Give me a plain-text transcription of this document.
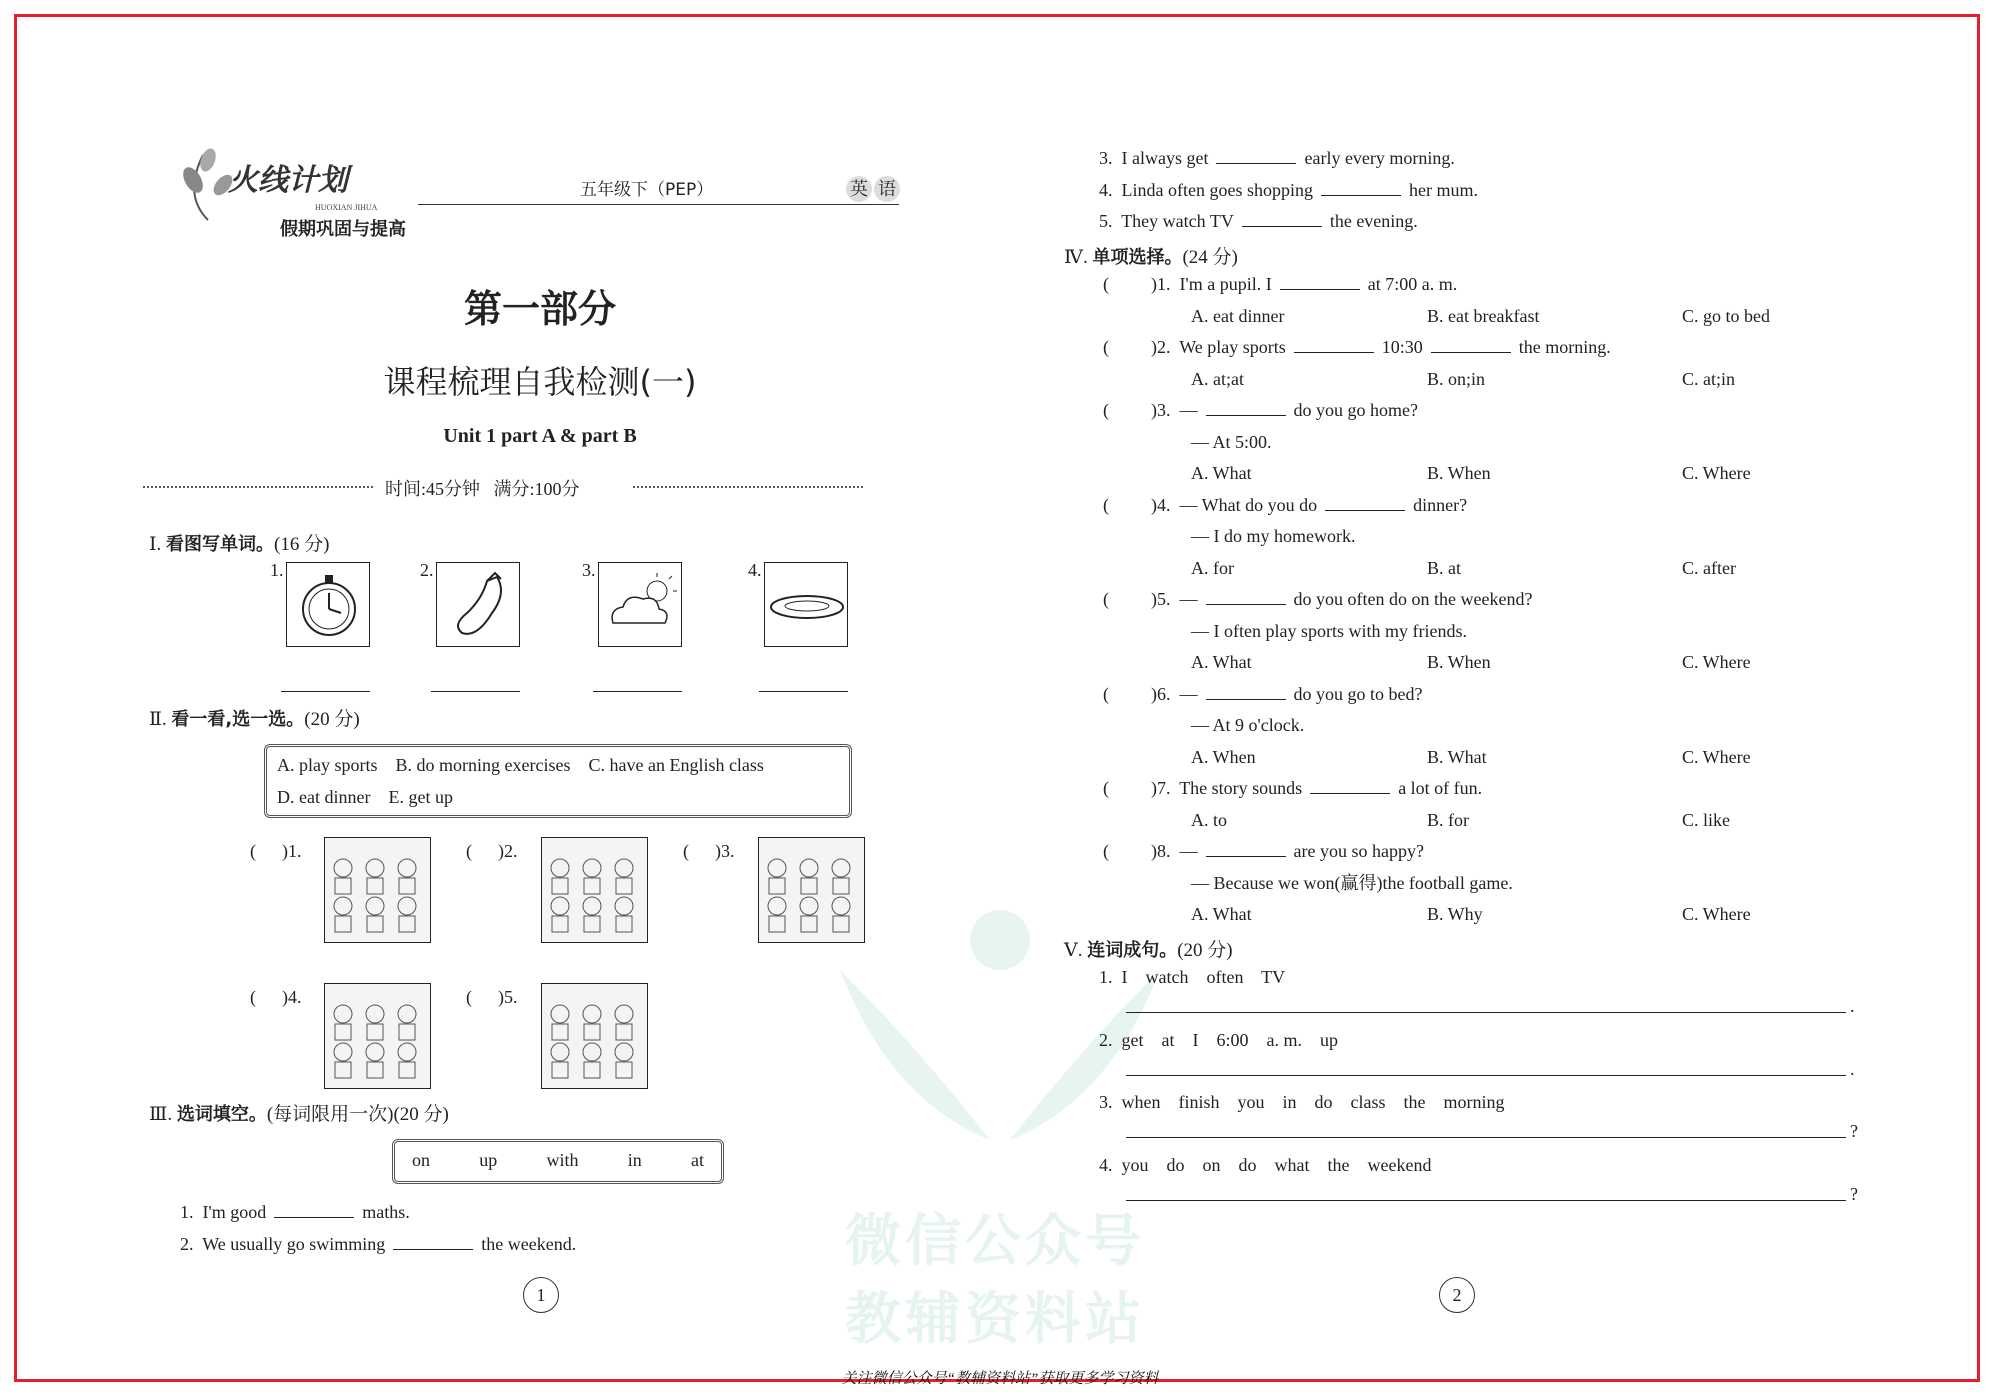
微信公众号
教辅资料站
火线计划
HUOXIAN JIHUA
假期巩固与提高
五年级下（PEP）	英 语
第一部分
课程梳理自我检测(一)
Unit 1 part A & part B
时间:45分钟 满分:100分
Ⅰ. 看图写单词。(16 分)
1.	2.	3.	4.
Ⅱ. 看一看,选一选。(20 分)
A. play sports B. do morning exercises C. have an English class
D. eat dinner E. get up
( )1.	( )2.	( )3.
( )4.	( )5.
Ⅲ. 选词填空。(每词限用一次)(20 分)
on	up	with	in	at
1. I'm good	maths.
2. We usually go swimming	the weekend.
3. I always get	early every morning.
4. Linda often goes shopping	her mum.
5. They watch TV	the evening.
Ⅳ. 单项选择。(24 分)
( )1. I'm a pupil. I	at 7:00 a. m.
A. eat dinner	B. eat breakfast	C. go to bed
( )2. We play sports	10:30	the morning.
A. at;at	B. on;in	C. at;in
( )3. —	do you go home?
— At 5:00.
A. What	B. When	C. Where
( )4. — What do you do	dinner?
— I do my homework.
A. for	B. at	C. after
( )5. —	do you often do on the weekend?
— I often play sports with my friends.
A. What	B. When	C. Where
( )6. —	do you go to bed?
— At 9 o'clock.
A. When	B. What	C. Where
( )7. The story sounds	a lot of fun.
A. to	B. for	C. like
( )8. —	are you so happy?
— Because we won(赢得)the football game.
A. What	B. Why	C. Where
Ⅴ. 连词成句。(20 分)
1. I    watch    often    TV
.
2. get    at    I    6:00    a. m.    up
.
3. when    finish    you    in    do    class    the    morning
?
4. you    do    on    do    what    the    weekend
?
1	2
关注微信公众号“教辅资料站”获取更多学习资料
